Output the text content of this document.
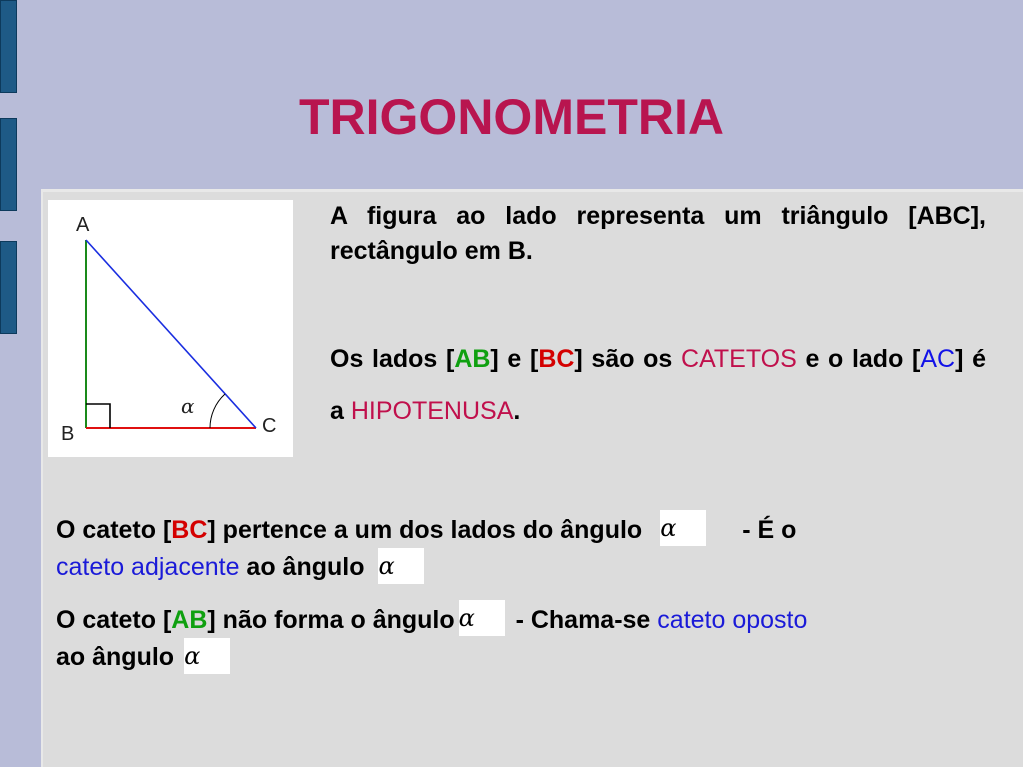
TRIGONOMETRIA
A
B	C
α
A figura ao lado representa um triângulo [ABC], rectângulo em B.
Os lados [AB] e [BC] são os CATETOS e o lado [AC] é a HIPOTENUSA.
O cateto [BC] pertence a um dos lados do ângulo α	- É o
cateto adjacente ao ângulo α
O cateto [AB] não forma o ângulo α - Chama-se cateto oposto
ao ângulo α
